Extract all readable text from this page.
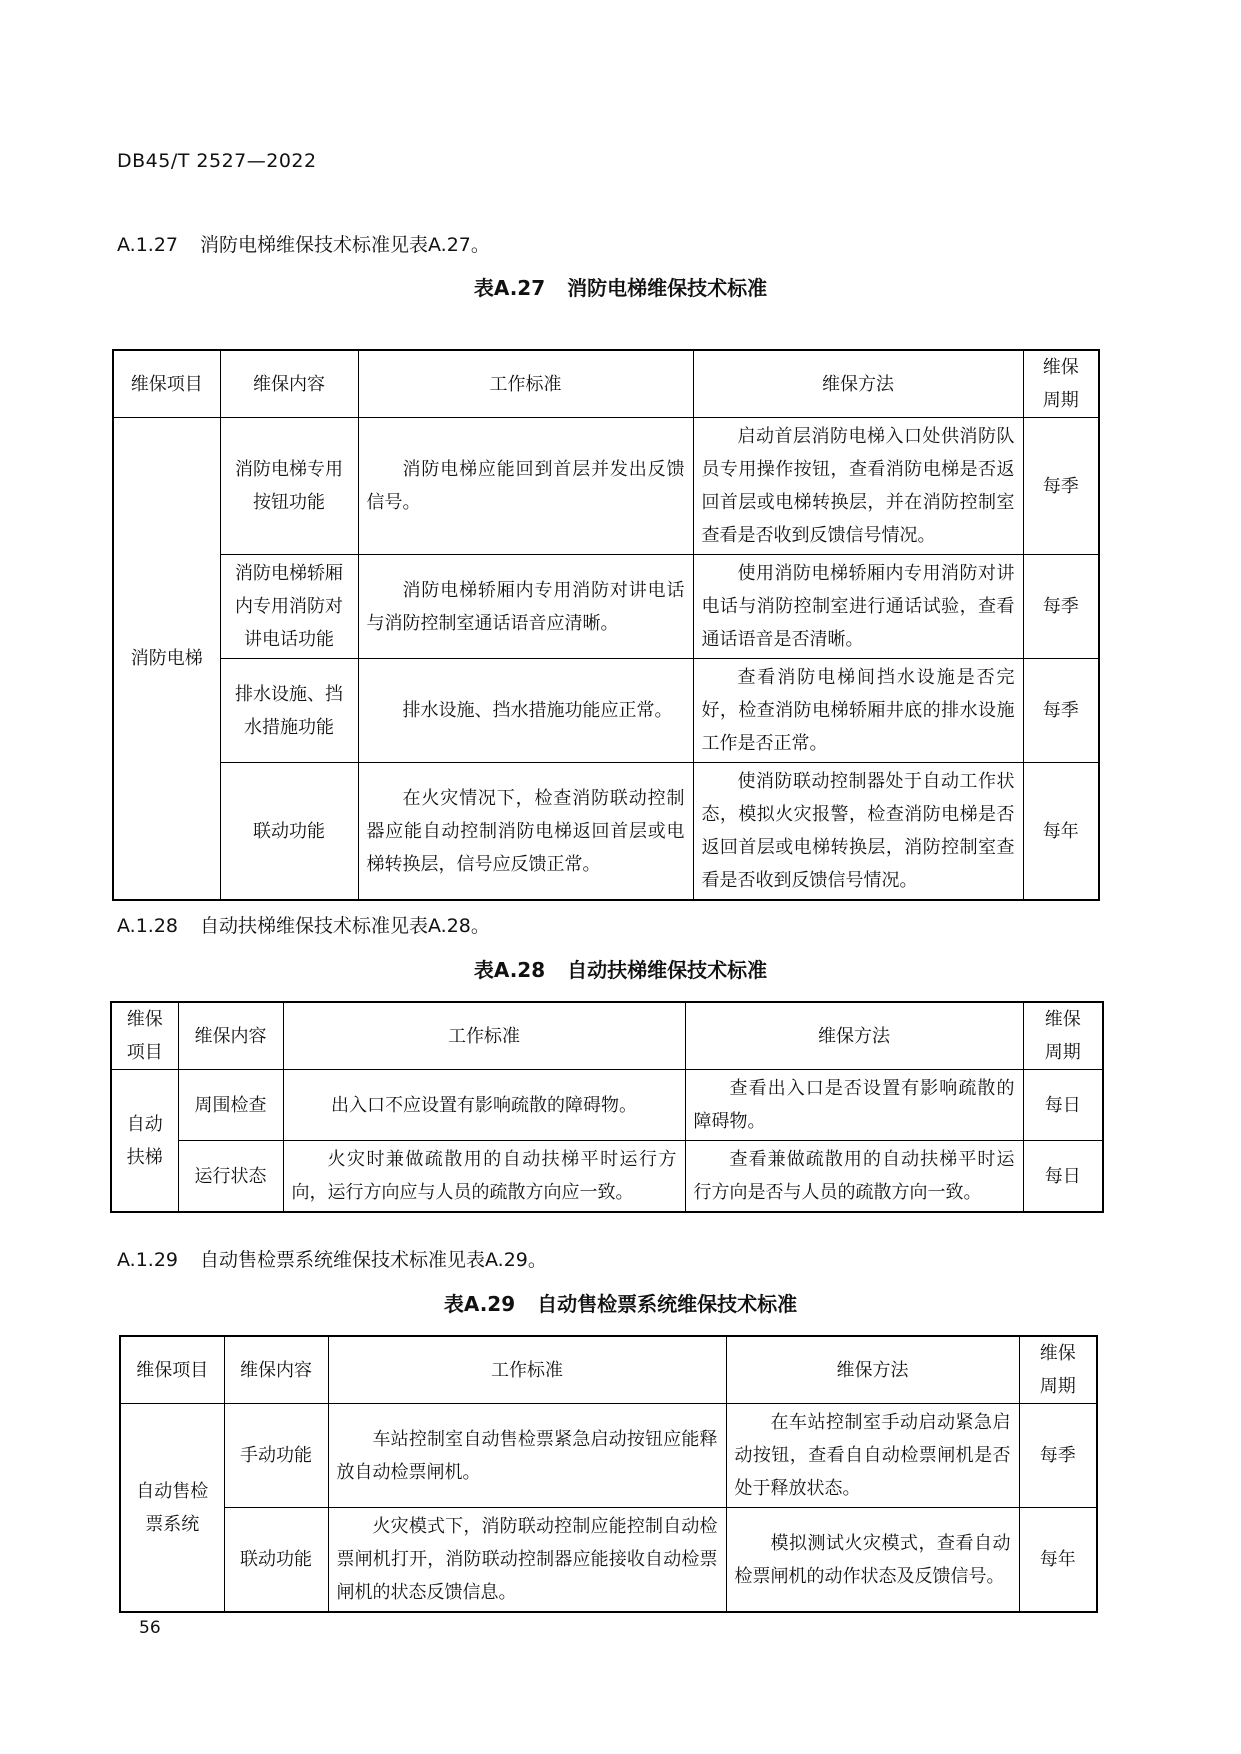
DB45/T 2527—2022
A.1.27 消防电梯维保技术标准见表A.27。
表A.27 消防电梯维保技术标准
维保项目	维保内容	工作标准	维保方法	维保周期
消防电梯	消防电梯专用按钮功能	消防电梯应能回到首层并发出反馈信号。	启动首层消防电梯入口处供消防队员专用操作按钮，查看消防电梯是否返回首层或电梯转换层，并在消防控制室查看是否收到反馈信号情况。	每季
	消防电梯轿厢内专用消防对讲电话功能	消防电梯轿厢内专用消防对讲电话与消防控制室通话语音应清晰。	使用消防电梯轿厢内专用消防对讲电话与消防控制室进行通话试验，查看通话语音是否清晰。	每季
	排水设施、挡水措施功能	排水设施、挡水措施功能应正常。	查看消防电梯间挡水设施是否完好，检查消防电梯轿厢井底的排水设施工作是否正常。	每季
	联动功能	在火灾情况下，检查消防联动控制器应能自动控制消防电梯返回首层或电梯转换层，信号应反馈正常。	使消防联动控制器处于自动工作状态，模拟火灾报警，检查消防电梯是否返回首层或电梯转换层，消防控制室查看是否收到反馈信号情况。	每年
A.1.28 自动扶梯维保技术标准见表A.28。
表A.28 自动扶梯维保技术标准
维保项目	维保内容	工作标准	维保方法	维保周期
自动扶梯	周围检查	出入口不应设置有影响疏散的障碍物。	查看出入口是否设置有影响疏散的障碍物。	每日
	运行状态	火灾时兼做疏散用的自动扶梯平时运行方向，运行方向应与人员的疏散方向应一致。	查看兼做疏散用的自动扶梯平时运行方向是否与人员的疏散方向一致。	每日
A.1.29 自动售检票系统维保技术标准见表A.29。
表A.29 自动售检票系统维保技术标准
维保项目	维保内容	工作标准	维保方法	维保周期
自动售检票系统	手动功能	车站控制室自动售检票紧急启动按钮应能释放自动检票闸机。	在车站控制室手动启动紧急启动按钮，查看自自动检票闸机是否处于释放状态。	每季
	联动功能	火灾模式下，消防联动控制应能控制自动检票闸机打开，消防联动控制器应能接收自动检票闸机的状态反馈信息。	模拟测试火灾模式，查看自动检票闸机的动作状态及反馈信号。	每年
56
